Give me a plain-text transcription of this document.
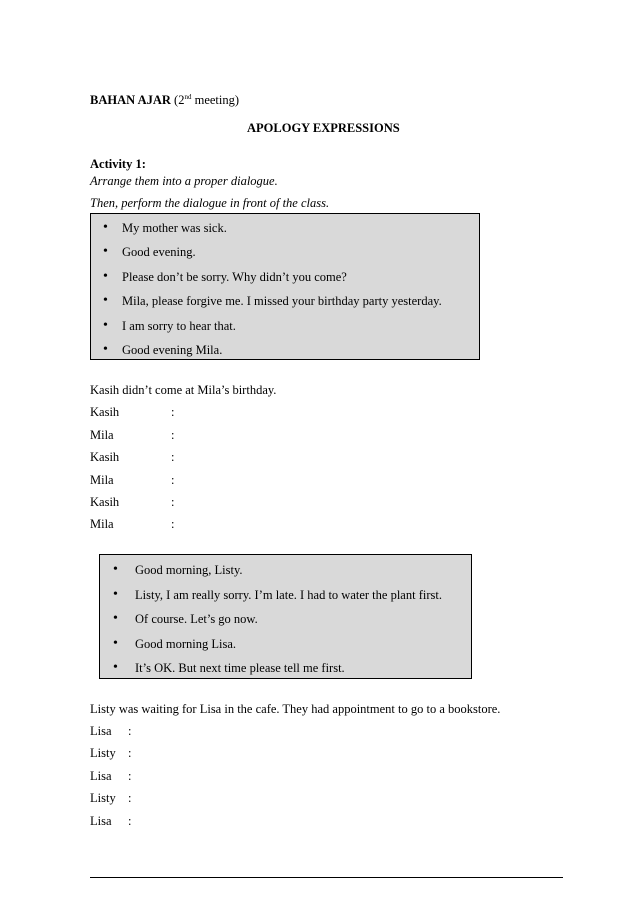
BAHAN AJAR (2nd meeting)
APOLOGY EXPRESSIONS
Activity 1:
Arrange them into a proper dialogue.
Then, perform the dialogue in front of the class.
• My mother was sick.
• Good evening.
• Please don’t be sorry. Why didn’t you come?
• Mila, please forgive me. I missed your birthday party yesterday.
• I am sorry to hear that.
• Good evening Mila.
Kasih didn’t come at Mila’s birthday.
Kasih	:
Mila	:
Kasih	:
Mila	:
Kasih	:
Mila	:
• Good morning, Listy.
• Listy, I am really sorry. I’m late. I had to water the plant first.
• Of course. Let’s go now.
• Good morning Lisa.
• It’s OK. But next time please tell me first.
Listy was waiting for Lisa in the cafe. They had appointment to go to a bookstore.
Lisa :
Listy :
Lisa :
Listy :
Lisa :
